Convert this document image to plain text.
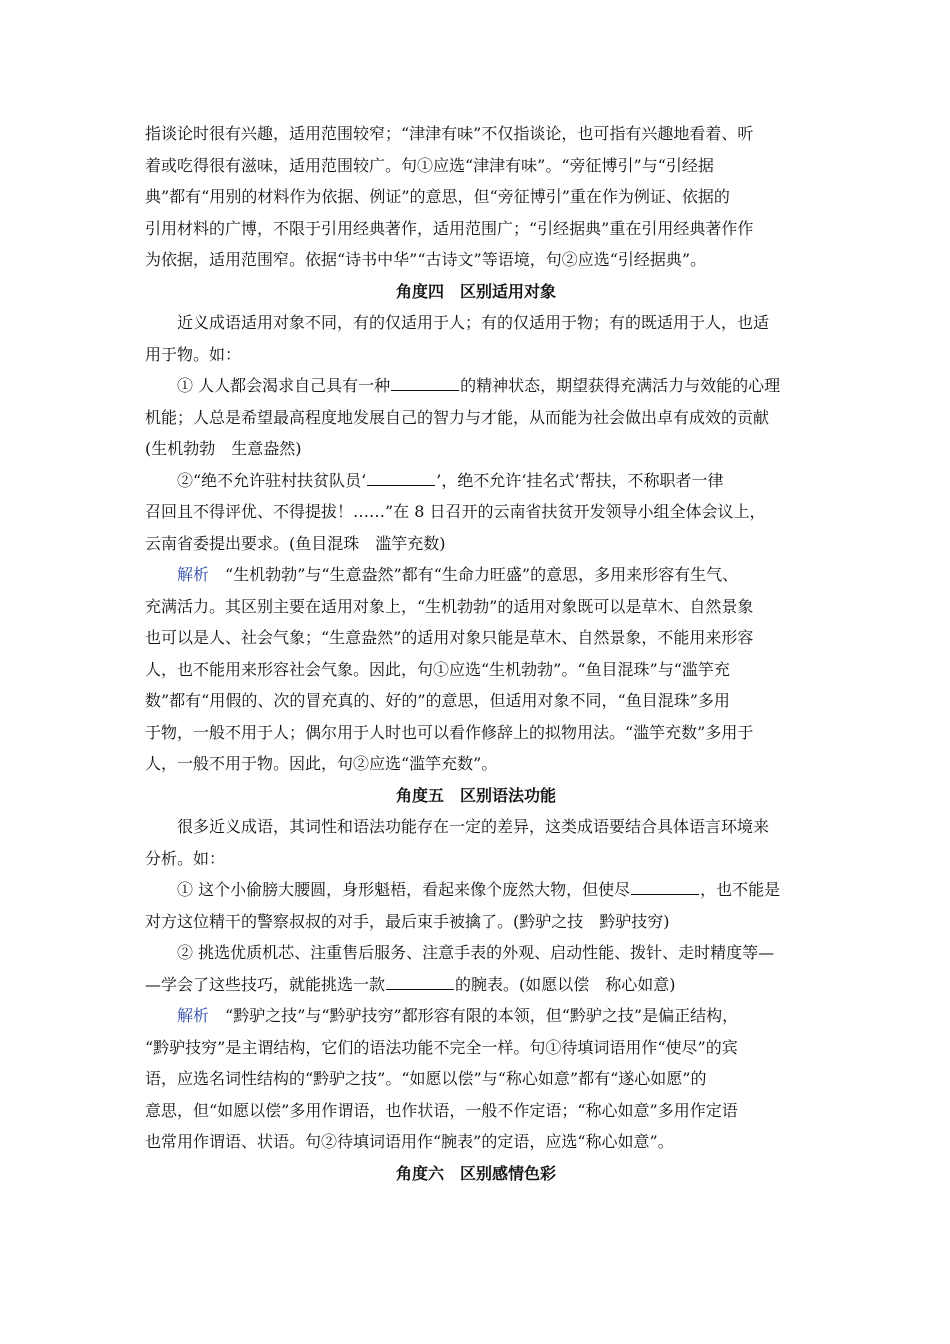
指谈论时很有兴趣，适用范围较窄；“津津有味”不仅指谈论，也可指有兴趣地看着、听
着或吃得很有滋味，适用范围较广。句①应选“津津有味”。“旁征博引”与“引经据
典”都有“用别的材料作为依据、例证”的意思，但“旁征博引”重在作为例证、依据的
引用材料的广博，不限于引用经典著作，适用范围广；“引经据典”重在引用经典著作作
为依据，适用范围窄。依据“诗书中华”“古诗文”等语境，句②应选“引经据典”。
角度四　区别适用对象
近义成语适用对象不同，有的仅适用于人；有的仅适用于物；有的既适用于人，也适
用于物。如：
① 人人都会渴求自己具有一种	的精神状态，期望获得充满活力与效能的心理
机能；人总是希望最高程度地发展自己的智力与才能，从而能为社会做出卓有成效的贡献
(生机勃勃　生意盎然)
②“绝不允许驻村扶贫队员‘	’，绝不允许‘挂名式’帮扶，不称职者一律
召回且不得评优、不得提拔！……”在 8 日召开的云南省扶贫开发领导小组全体会议上，
云南省委提出要求。(鱼目混珠　滥竽充数)
解析　“生机勃勃”与“生意盎然”都有“生命力旺盛”的意思，多用来形容有生气、
充满活力。其区别主要在适用对象上，“生机勃勃”的适用对象既可以是草木、自然景象
也可以是人、社会气象；“生意盎然”的适用对象只能是草木、自然景象，不能用来形容
人，也不能用来形容社会气象。因此，句①应选“生机勃勃”。“鱼目混珠”与“滥竽充
数”都有“用假的、次的冒充真的、好的”的意思，但适用对象不同，“鱼目混珠”多用
于物，一般不用于人；偶尔用于人时也可以看作修辞上的拟物用法。“滥竽充数”多用于
人，一般不用于物。因此，句②应选“滥竽充数”。
角度五　区别语法功能
很多近义成语，其词性和语法功能存在一定的差异，这类成语要结合具体语言环境来
分析。如：
① 这个小偷膀大腰圆，身形魁梧，看起来像个庞然大物，但使尽	，也不能是
对方这位精干的警察叔叔的对手，最后束手被擒了。(黔驴之技　黔驴技穷)
② 挑选优质机芯、注重售后服务、注意手表的外观、启动性能、拨针、走时精度等—
—学会了这些技巧，就能挑选一款	的腕表。(如愿以偿　称心如意)
解析　“黔驴之技”与“黔驴技穷”都形容有限的本领，但“黔驴之技”是偏正结构，
“黔驴技穷”是主谓结构，它们的语法功能不完全一样。句①待填词语用作“使尽”的宾
语，应选名词性结构的“黔驴之技”。“如愿以偿”与“称心如意”都有“遂心如愿”的
意思，但“如愿以偿”多用作谓语，也作状语，一般不作定语；“称心如意”多用作定语
也常用作谓语、状语。句②待填词语用作“腕表”的定语，应选“称心如意”。
角度六　区别感情色彩
